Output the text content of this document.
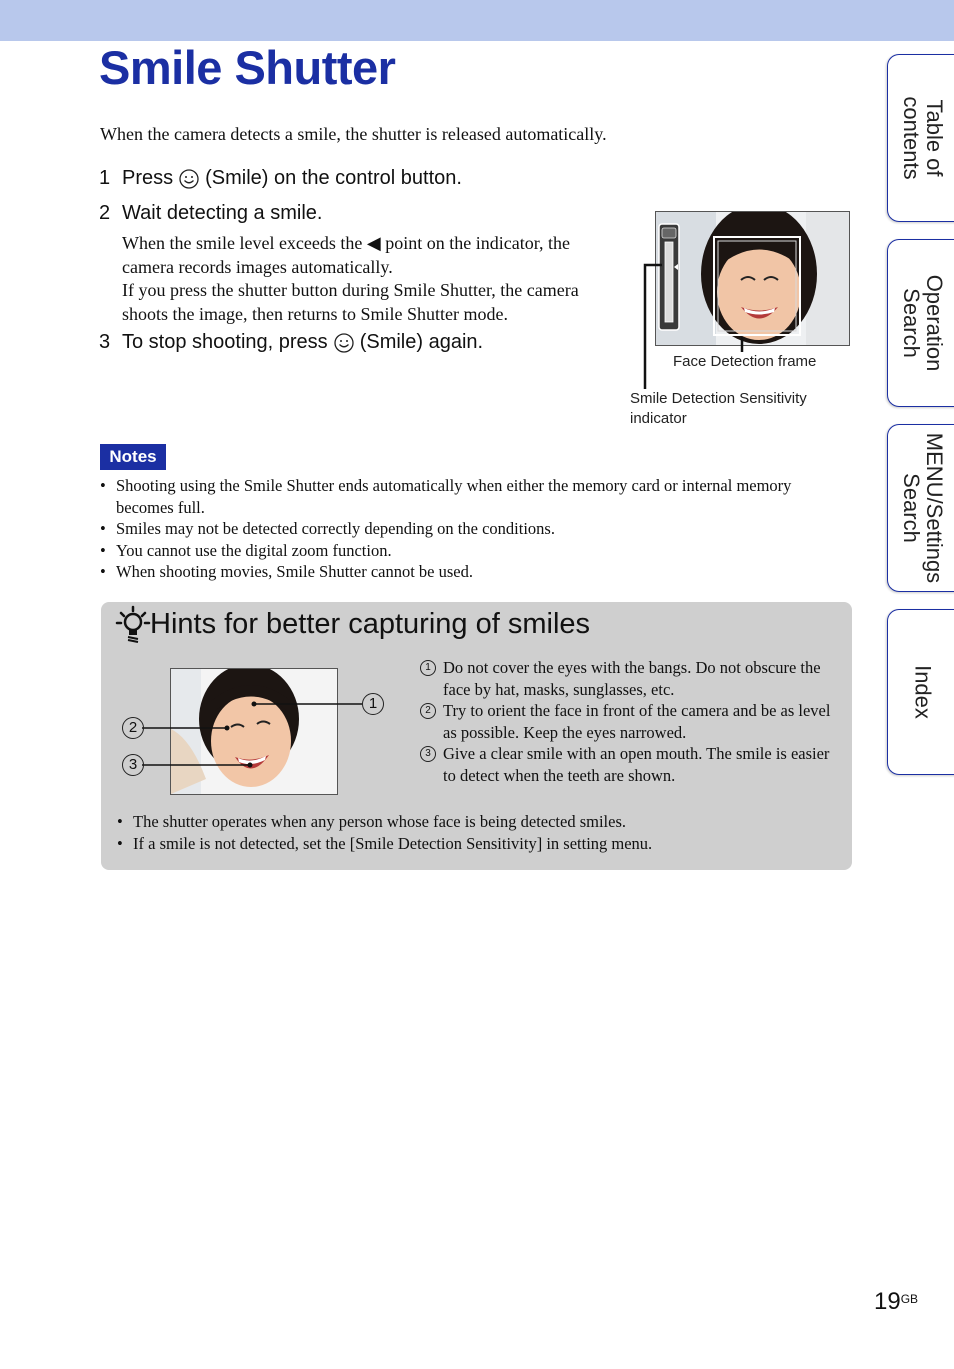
Smile Shutter
When the camera detects a smile, the shutter is released automatically.
1 Press (Smile) on the control button.
2 Wait detecting a smile.
When the smile level exceeds the ◀ point on the indicator, the camera records images automatically.
If you press the shutter button during Smile Shutter, the camera shoots the image, then returns to Smile Shutter mode.
3 To stop shooting, press (Smile) again.
Face Detection frame
Smile Detection Sensitivity indicator
Notes
• Shooting using the Smile Shutter ends automatically when either the memory card or internal memory becomes full.
• Smiles may not be detected correctly depending on the conditions.
• You cannot use the digital zoom function.
• When shooting movies, Smile Shutter cannot be used.
Hints for better capturing of smiles
1
2
3
1 Do not cover the eyes with the bangs. Do not obscure the face by hat, masks, sunglasses, etc.
2 Try to orient the face in front of the camera and be as level as possible. Keep the eyes narrowed.
3 Give a clear smile with an open mouth. The smile is easier to detect when the teeth are shown.
• The shutter operates when any person whose face is being detected smiles.
• If a smile is not detected, set the [Smile Detection Sensitivity] in setting menu.
Table of contents
Operation Search
MENU/Settings Search
Index
$19^{GB}$
